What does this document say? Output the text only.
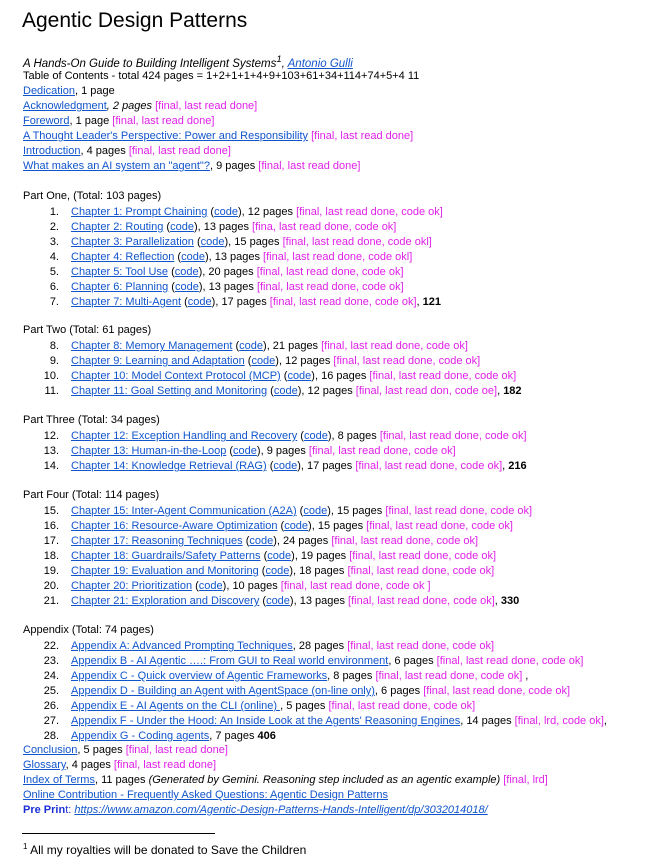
Agentic Design Patterns
A Hands-On Guide to Building Intelligent Systems$^1$, Antonio Gulli
Table of Contents - total 424 pages = 1+2+1+1+4+9+103+61+34+114+74+5+4 11
Dedication, 1 page
Acknowledgment, 2 pages [final, last read done]
Foreword, 1 page [final, last read done]
A Thought Leader's Perspective: Power and Responsibility [final, last read done]
Introduction, 4 pages [final, last read done]
What makes an AI system an "agent"?, 9 pages [final, last read done]
Part One, (Total: 103 pages)
1. Chapter 1: Prompt Chaining (code), 12 pages [final, last read done, code ok]
2. Chapter 2: Routing (code), 13 pages [fina, last read done, code ok]
3. Chapter 3: Parallelization (code), 15 pages [final, last read done, code okl]
4. Chapter 4: Reflection (code), 13 pages [final, last read done, code okl]
5. Chapter 5: Tool Use (code), 20 pages [final, last read done, code ok]
6. Chapter 6: Planning (code), 13 pages [final, last read done, code ok]
7. Chapter 7: Multi-Agent (code), 17 pages [final, last read done, code ok], 121
Part Two (Total: 61 pages)
8. Chapter 8: Memory Management (code), 21 pages [final, last read done, code ok]
9. Chapter 9: Learning and Adaptation (code), 12 pages [final, last read done, code ok]
10. Chapter 10: Model Context Protocol (MCP) (code), 16 pages [final, last read done, code ok]
11. Chapter 11: Goal Setting and Monitoring (code), 12 pages [final, last read don, code oe], 182
Part Three (Total: 34 pages)
12. Chapter 12: Exception Handling and Recovery (code), 8 pages [final, last read done, code ok]
13. Chapter 13: Human-in-the-Loop (code), 9 pages [final, last read done, code ok]
14. Chapter 14: Knowledge Retrieval (RAG) (code), 17 pages [final, last read done, code ok], 216
Part Four (Total: 114 pages)
15. Chapter 15: Inter-Agent Communication (A2A) (code), 15 pages [final, last read done, code ok]
16. Chapter 16: Resource-Aware Optimization (code), 15 pages [final, last read done, code ok]
17. Chapter 17: Reasoning Techniques (code), 24 pages [final, last read done, code ok]
18. Chapter 18: Guardrails/Safety Patterns (code), 19 pages [final, last read done, code ok]
19. Chapter 19: Evaluation and Monitoring (code), 18 pages [final, last read done, code ok]
20. Chapter 20: Prioritization (code), 10 pages [final, last read done, code ok ]
21. Chapter 21: Exploration and Discovery (code), 13 pages [final, last read done, code ok], 330
Appendix (Total: 74 pages)
22. Appendix A: Advanced Prompting Techniques, 28 pages [final, last read done, code ok]
23. Appendix B - AI Agentic ….: From GUI to Real world environment, 6 pages [final, last read done, code ok]
24. Appendix C - Quick overview of Agentic Frameworks, 8 pages [final, last read done, code ok] ,
25. Appendix D - Building an Agent with AgentSpace (on-line only), 6 pages [final, last read done, code ok]
26. Appendix E - AI Agents on the CLI (online) , 5 pages [final, last read done, code ok]
27. Appendix F - Under the Hood: An Inside Look at the Agents' Reasoning Engines, 14 pages [final, lrd, code ok],
28. Appendix G - Coding agents, 7 pages 406
Conclusion, 5 pages [final, last read done]
Glossary, 4 pages [final, last read done]
Index of Terms, 11 pages (Generated by Gemini. Reasoning step included as an agentic example) [final, lrd]
Online Contribution - Frequently Asked Questions: Agentic Design Patterns
Pre Print: https://www.amazon.com/Agentic-Design-Patterns-Hands-Intelligent/dp/3032014018/
$^1$ All my royalties will be donated to Save the Children
